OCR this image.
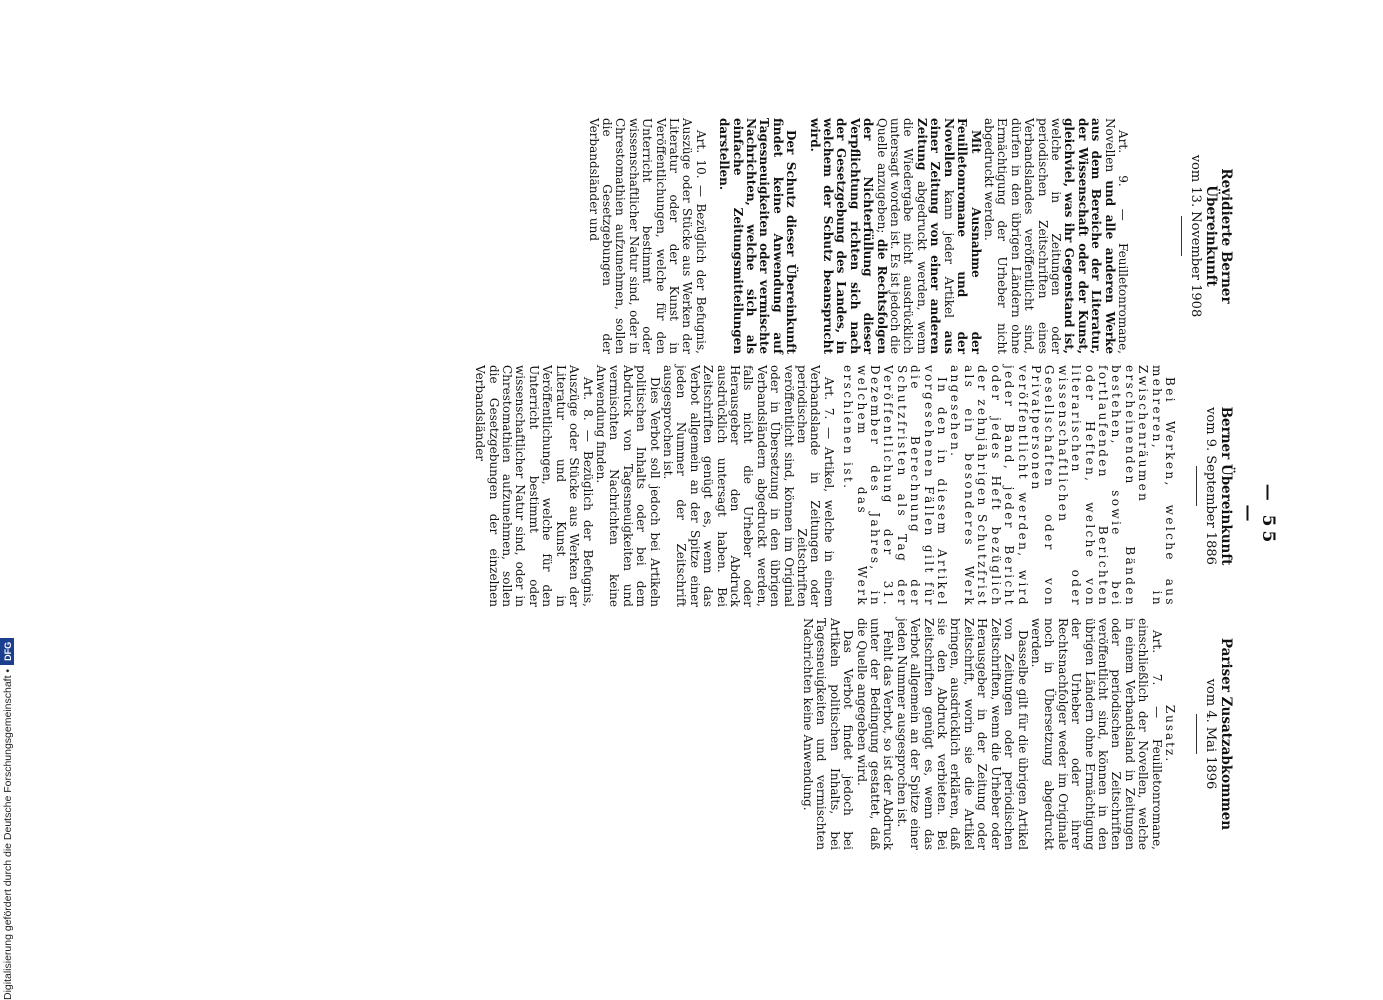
— 55 —
Pariser Zusatzabkommen
vom 4. Mai 1896

Zusatz.

Art. 7. — Feuilletonromane, einschließlich der Novellen, welche in einem Verbandsland in Zeitungen oder periodischen Zeitschriften veröffentlicht sind, können in den übrigen Ländern ohne Ermächtigung der Urheber oder ihrer Rechtsnachfolger weder im Originale noch in Übersetzung abgedruckt werden.

Dasselbe gilt für die übrigen Artikel von Zeitungen oder periodischen Zeitschriften, wenn die Urheber oder Herausgeber in der Zeitung oder Zeitschrift, worin sie die Artikel bringen, ausdrücklich erklären, daß sie den Abdruck verbieten. Bei Zeitschriften genügt es, wenn das Verbot allgemein an der Spitze einer jeden Nummer ausgesprochen ist.

Fehlt das Verbot, so ist der Abdruck unter der Bedingung gestattet, daß die Quelle angegeben wird.

Das Verbot findet jedoch bei Artikeln politischen Inhalts, bei Tagesneuigkeiten und vermischten Nachrichten keine Anwendung.

Berner Übereinkunft
vom 9. September 1886

Bei Werken, welche aus mehreren, in Zwischenräumen erscheinenden Bänden bestehen, sowie bei fortlaufenden Berichten oder Heften, welche von literarischen oder wissenschaftlichen Gesellschaften oder von Privatpersonen veröffentlicht werden, wird jeder Band, jeder Bericht oder jedes Heft bezüglich der zehnjährigen Schutzfrist als ein besonderes Werk angesehen.

In den in diesem Artikel vorgesehenen Fällen gilt für die Berechnung der Schutzfristen als Tag der Veröffentlichung der 31. Dezember des Jahres, in welchem das Werk erschienen ist.

Art. 7. — Artikel, welche in einem Verbandslande in Zeitungen oder periodischen Zeitschriften veröffentlicht sind, können im Original oder in Übersetzung in den übrigen Verbandsländern abgedruckt werden, falls nicht die Urheber oder Herausgeber den Abdruck ausdrücklich untersagt haben. Bei Zeitschriften genügt es, wenn das Verbot allgemein an der Spitze einer jeden Nummer der Zeitschrift ausgesprochen ist.

Dies Verbot soll jedoch bei Artikeln politischen Inhalts oder bei dem Abdruck von Tagesneuigkeiten und vermischten Nachrichten keine Anwendung finden.

Art. 8. — Bezüglich der Befugnis, Auszüge oder Stücke aus Werken der Literatur und Kunst in Veröffentlichungen, welche für den Unterricht bestimmt oder wissenschaftlicher Natur sind, oder in Chrestomathien aufzunehmen, sollen die Gesetzgebungen der einzelnen Verbandsländer

Revidierte Berner Übereinkunft
vom 13. November 1908

Art. 9. — Feuilletonromane, Novellen und alle anderen Werke aus dem Bereiche der Literatur, der Wissenschaft oder der Kunst, gleichviel, was ihr Gegenstand ist, welche in Zeitungen oder periodischen Zeitschriften eines Verbandslandes veröffentlicht sind, dürfen in den übrigen Ländern ohne Ermächtigung der Urheber nicht abgedruckt werden.

Mit Ausnahme der Feuilletonromane und der Novellen kann jeder Artikel aus einer Zeitung von einer anderen Zeitung abgedruckt werden, wenn die Wiedergabe nicht ausdrücklich untersagt worden ist. Es ist jedoch die Quelle anzugeben; die Rechtsfolgen der Nichterfüllung dieser Verpflichtung richten sich nach der Gesetzgebung des Landes, in welchem der Schutz beansprucht wird.

Der Schutz dieser Übereinkunft findet keine Anwendung auf Tagesneuigkeiten oder vermischte Nachrichten, welche sich als einfache Zeitungsmitteilungen darstellen.

Art. 10. — Bezüglich der Befugnis, Auszüge oder Stücke aus Werken der Literatur oder der Kunst in Veröffentlichungen, welche für den Unterricht bestimmt oder wissenschaftlicher Natur sind, oder in Chrestomathien aufzunehmen, sollen die Gesetzgebungen der Verbandsländer und

Digitalisierung gefördert durch die Deutsche Forschungsgemeinschaft •DFG
